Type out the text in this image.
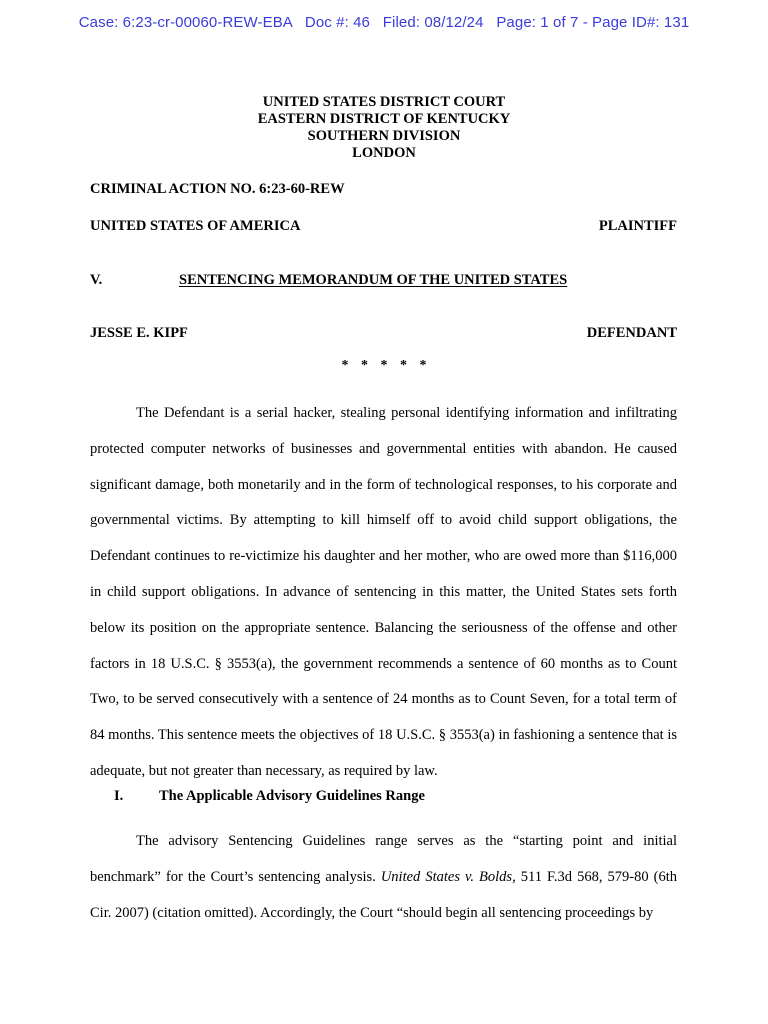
Case: 6:23-cr-00060-REW-EBA   Doc #: 46   Filed: 08/12/24   Page: 1 of 7 - Page ID#: 131
UNITED STATES DISTRICT COURT
EASTERN DISTRICT OF KENTUCKY
SOUTHERN DIVISION
LONDON
CRIMINAL ACTION NO. 6:23-60-REW
UNITED STATES OF AMERICA	PLAINTIFF
V.	SENTENCING MEMORANDUM OF THE UNITED STATES
JESSE E. KIPF	DEFENDANT
* * * * *

The Defendant is a serial hacker, stealing personal identifying information and infiltrating protected computer networks of businesses and governmental entities with abandon. He caused significant damage, both monetarily and in the form of technological responses, to his corporate and governmental victims. By attempting to kill himself off to avoid child support obligations, the Defendant continues to re-victimize his daughter and her mother, who are owed more than $116,000 in child support obligations. In advance of sentencing in this matter, the United States sets forth below its position on the appropriate sentence. Balancing the seriousness of the offense and other factors in 18 U.S.C. § 3553(a), the government recommends a sentence of 60 months as to Count Two, to be served consecutively with a sentence of 24 months as to Count Seven, for a total term of 84 months. This sentence meets the objectives of 18 U.S.C. § 3553(a) in fashioning a sentence that is adequate, but not greater than necessary, as required by law.

I. The Applicable Advisory Guidelines Range

The advisory Sentencing Guidelines range serves as the “starting point and initial benchmark” for the Court’s sentencing analysis. United States v. Bolds, 511 F.3d 568, 579-80 (6th Cir. 2007) (citation omitted). Accordingly, the Court “should begin all sentencing proceedings by
